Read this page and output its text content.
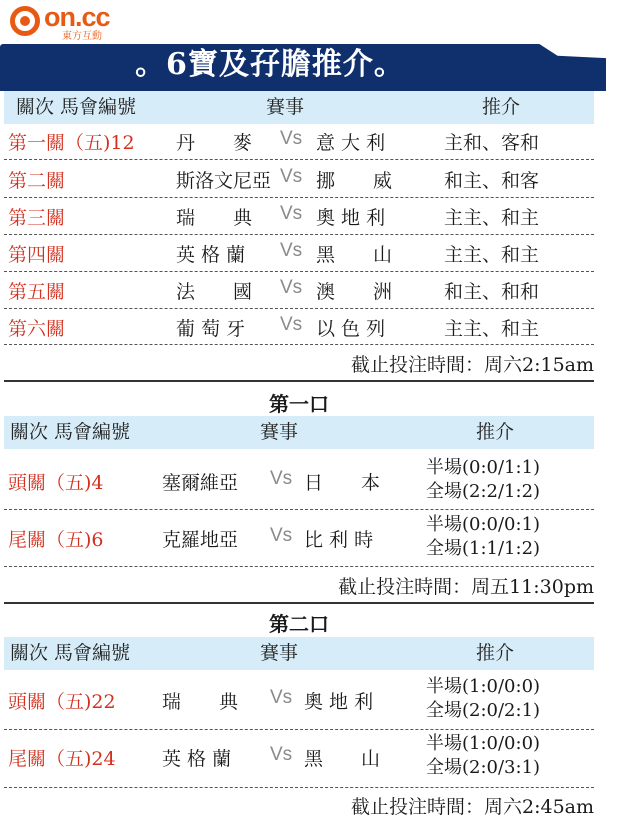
on.cc
東方互動
。6寶及孖膽推介。
關次 馬會編號	賽事	推介
第一關（五)12 丹　　麥 Vs 意 大 利	主和、客和
第二關	斯洛文尼亞 Vs 挪　　威	和主、和客
第三關	瑞　　典 Vs 奧 地 利	主主、和主
第四關	英 格 蘭 Vs 黑　　山	主主、和主
第五關	法　　國 Vs 澳　　洲	和主、和和
第六關	葡 萄 牙 Vs 以 色 列	主主、和主
截止投注時間：周六2:15am
第一口
關次 馬會編號	賽事	推介
頭關（五)4	塞爾維亞 Vs 日　　本
半場(0:0/1:1)
全場(2:2/1:2)
尾關（五)6	克羅地亞 Vs 比 利 時
半場(0:0/0:1)
全場(1:1/1:2)
截止投注時間：周五11:30pm
第二口
關次 馬會編號	賽事	推介
頭關（五)22 瑞　　典 Vs 奧 地 利
半場(1:0/0:0)
全場(2:0/2:1)
尾關（五)24 英 格 蘭 Vs 黑　　山
半場(1:0/0:0)
全場(2:0/3:1)
截止投注時間：周六2:45am
